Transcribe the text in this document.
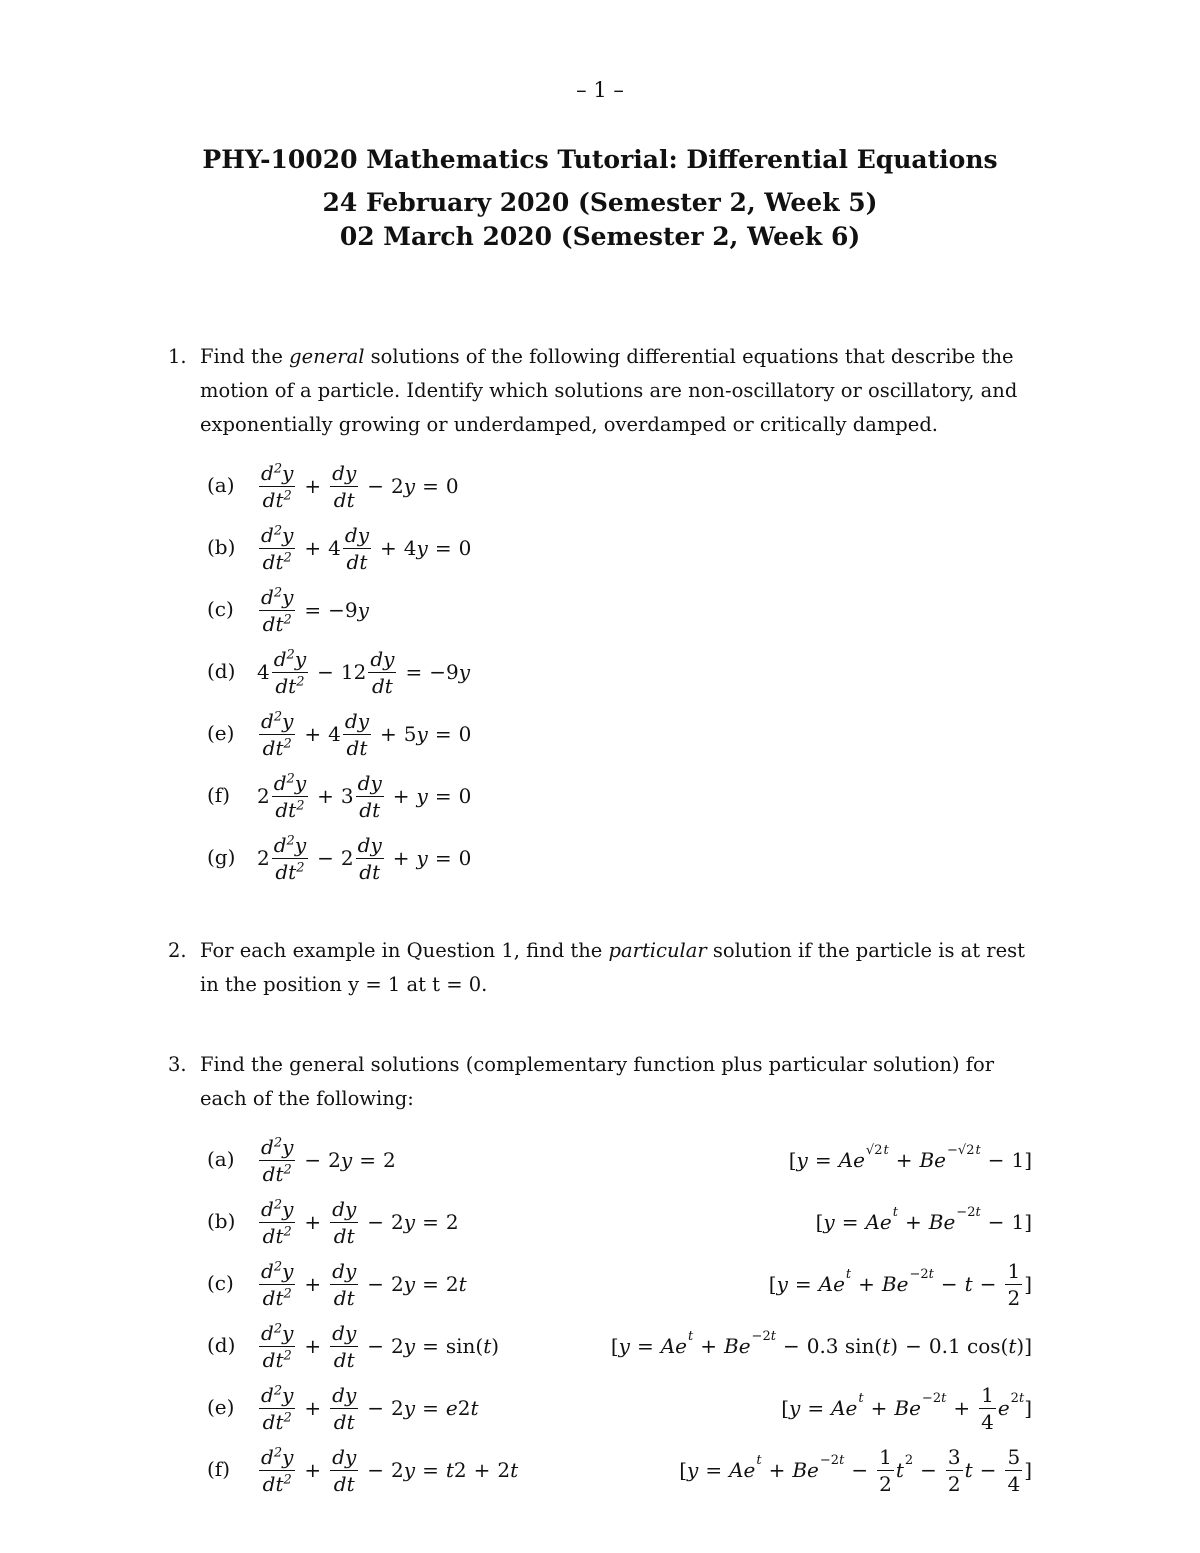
– 1 –
PHY-10020 Mathematics Tutorial: Differential Equations
24 February 2020 (Semester 2, Week 5)
02 March 2020 (Semester 2, Week 6)
1. Find the general solutions of the following differential equations that describe the motion of a particle. Identify which solutions are non-oscillatory or oscillatory, and exponentially growing or underdamped, overdamped or critically damped.
(a)
$d^2y$
$dt^2 + \frac{dy}{dt} - 2$ y = 0
(b)
$d^2y$
$dt^2 + 4$
dy
dt
+ 4 y = 0
$(c) \frac{d^2y}{dt^2} = -9$ y
(d) 4
$d^2y$
$dt^2 - 12 \frac{dy}{dt} = -9$ y
(e)
$d^2y$
$dt^2 + 4$
dy
dt
+ 5 y = 0
(f) 2
$d^2y$
$dt^2 + 3$
dy
dt
+ y = 0
(g) 2
$d^2y$
$dt^2 - 2$
dy
dt
+ y = 0
2. For each example in Question 1, find the particular solution if the particle is at rest in the position y = 1 at t = 0.
3. Find the general solutions (complementary function plus particular solution) for each of the following:
(a)
$d^2y$
$dt^2 - 2$ y = 2	[ y = Ae √2 t + Be −√2 t − 1]
(b)
$d^2y$
$dt^2 + \frac{dy}{dt} - 2$ y = 2	[ y = Ae t + Be −2t − 1]
(c)
$d^2y$
$dt^2 + \frac{dy}{dt} - 2$ y = 2 t	[ y = Ae $t + Be -2t - t - \frac{1}{2}$ ]
(d)
$d^2y$
$dt^2 + \frac{dy}{dt} - 2$ y = sin( t )	[ y = Ae t + Be −2t − 0.3 sin( t ) − 0.1 cos( t )]
(e)
$d^2y$
$dt^2 + \frac{dy}{dt} - 2$ y = e 2t	[ y = Ae $t + Be -2t + \frac{1}{4}$ e 2t ]
(f)
$d^2y$
$dt^2 + \frac{dy}{dt} - 2$ y = t 2 + 2 t	[ y = Ae $t + Be -2t - \frac{1}{2}$ t $2 - \frac{3}{2}$ $t - \frac{5}{4}$ ]
